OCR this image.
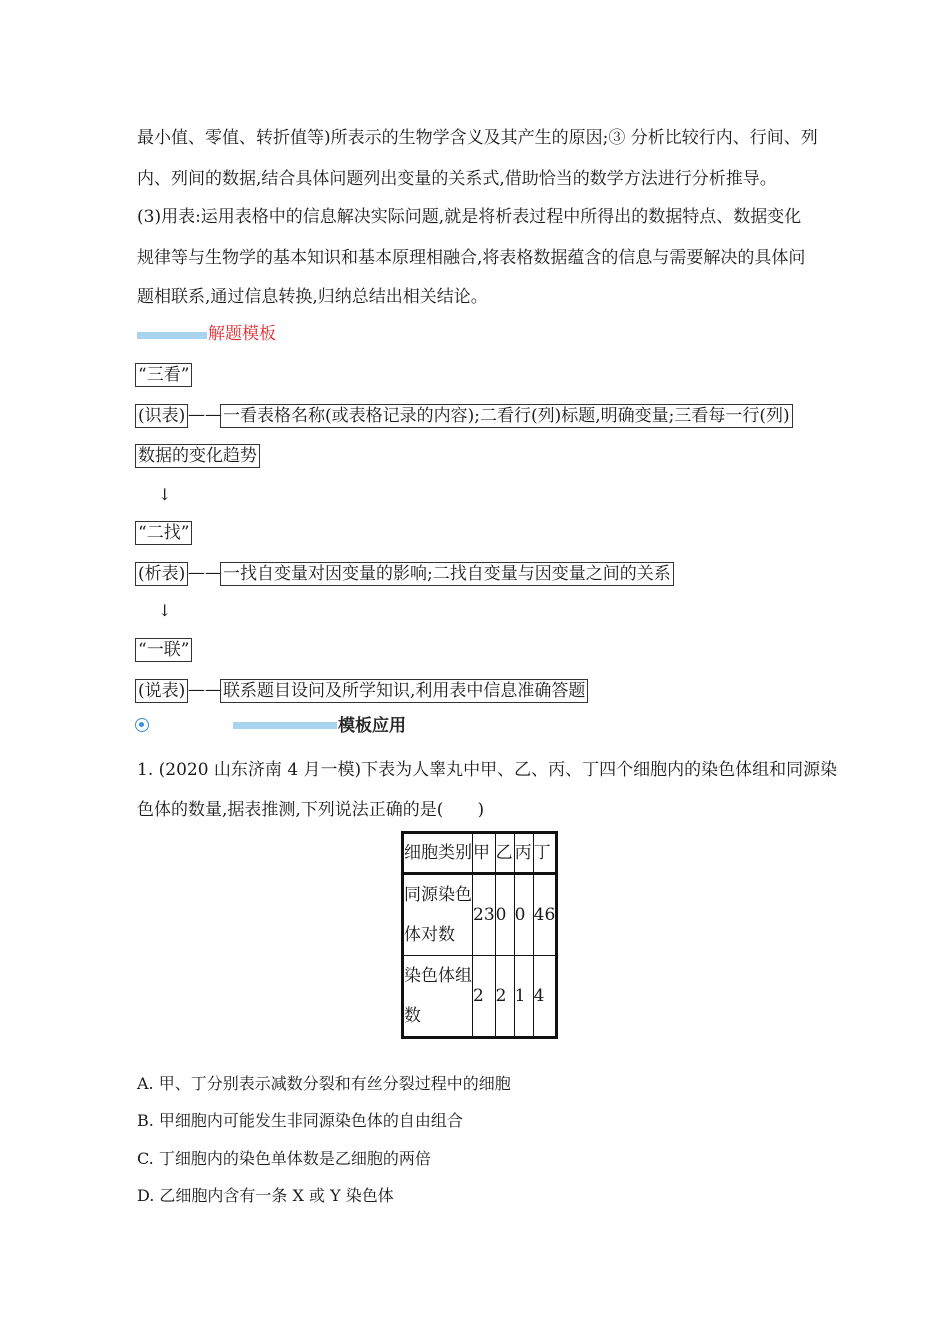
最小值、零值、转折值等)所表示的生物学含义及其产生的原因;③ 分析比较行内、行间、列
内、列间的数据,结合具体问题列出变量的关系式,借助恰当的数学方法进行分析推导。
(3)用表:运用表格中的信息解决实际问题,就是将析表过程中所得出的数据特点、数据变化
规律等与生物学的基本知识和基本原理相融合,将表格数据蕴含的信息与需要解决的具体问
题相联系,通过信息转换,归纳总结出相关结论。
解题模板
“三看”
(识表) —— 一看表格名称(或表格记录的内容);二看行(列)标题,明确变量;三看每一行(列)
数据的变化趋势
↓
“二找”
(析表) —— 一找自变量对因变量的影响;二找自变量与因变量之间的关系
↓
“一联”
(说表) —— 联系题目设问及所学知识,利用表中信息准确答题
模板应用
1. (2020 山东济南 4 月一模)下表为人睾丸中甲、乙、丙、丁四个细胞内的染色体组和同源染
色体的数量,据表推测,下列说法正确的是(　　)
细胞类别	甲	乙	丙	丁
同源染色体对数	23	0	0	46
染色体组数	2	2	1	4
A. 甲、丁分别表示减数分裂和有丝分裂过程中的细胞
B. 甲细胞内可能发生非同源染色体的自由组合
C. 丁细胞内的染色单体数是乙细胞的两倍
D. 乙细胞内含有一条 X 或 Y 染色体
